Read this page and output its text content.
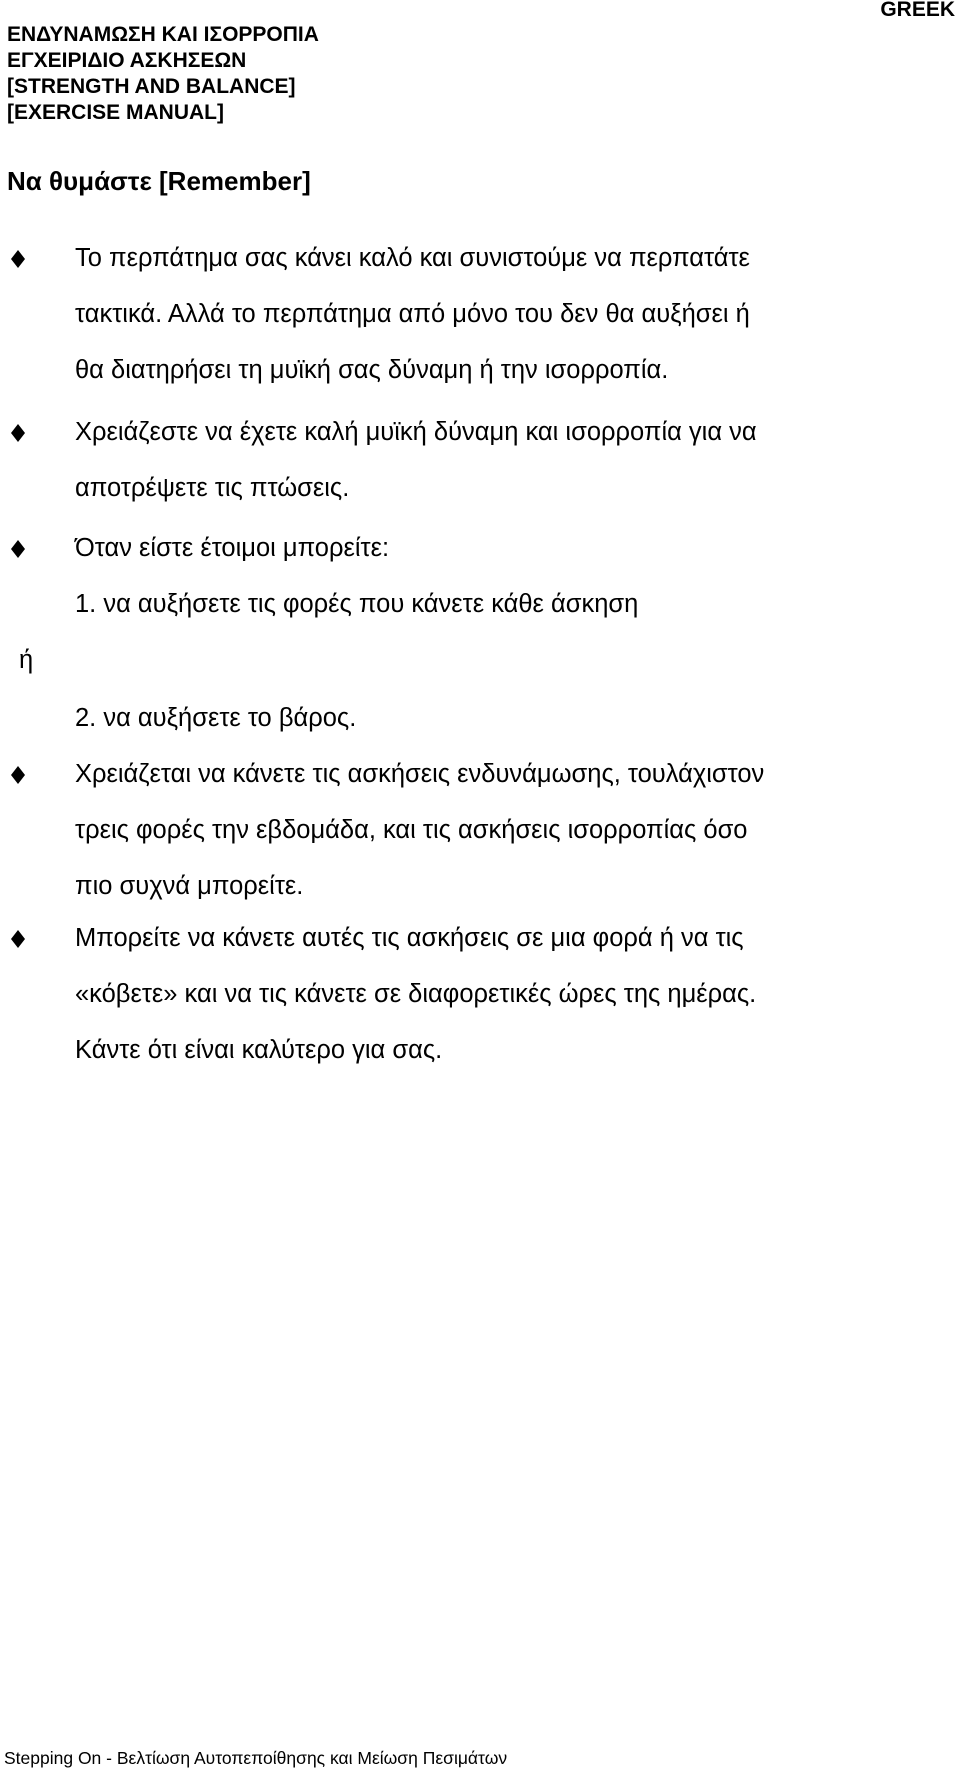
ΕΝΔΥΝΑΜΩΣΗ ΚΑΙ ΙΣΟΡΡΟΠΙΑ
ΕΓΧΕΙΡΙΔΙΟ ΑΣΚΗΣΕΩΝ
[STRENGTH AND BALANCE]
[EXERCISE MANUAL]
GREEK
Να θυμάστε [Remember]
Το περπάτημα σας κάνει καλό και συνιστούμε να περπατάτε
τακτικά. Αλλά το περπάτημα από μόνο του δεν θα αυξήσει ή
θα διατηρήσει τη μυϊκή σας δύναμη ή την ισορροπία.
Χρειάζεστε να έχετε καλή μυϊκή δύναμη και ισορροπία για να
αποτρέψετε τις πτώσεις.
Όταν είστε έτοιμοι μπορείτε:
1. να αυξήσετε τις φορές που κάνετε κάθε άσκηση
ή
2. να αυξήσετε το βάρος.
Χρειάζεται να κάνετε τις ασκήσεις ενδυνάμωσης, τουλάχιστον
τρεις φορές την εβδομάδα, και τις ασκήσεις ισορροπίας όσο
πιο συχνά μπορείτε.
Μπορείτε να κάνετε αυτές τις ασκήσεις σε μια φορά ή να τις
«κόβετε» και να τις κάνετε σε διαφορετικές ώρες της ημέρας.
Κάντε ότι είναι καλύτερο για σας.
Stepping On - Βελτίωση Αυτοπεποίθησης και Μείωση Πεσιμάτων
